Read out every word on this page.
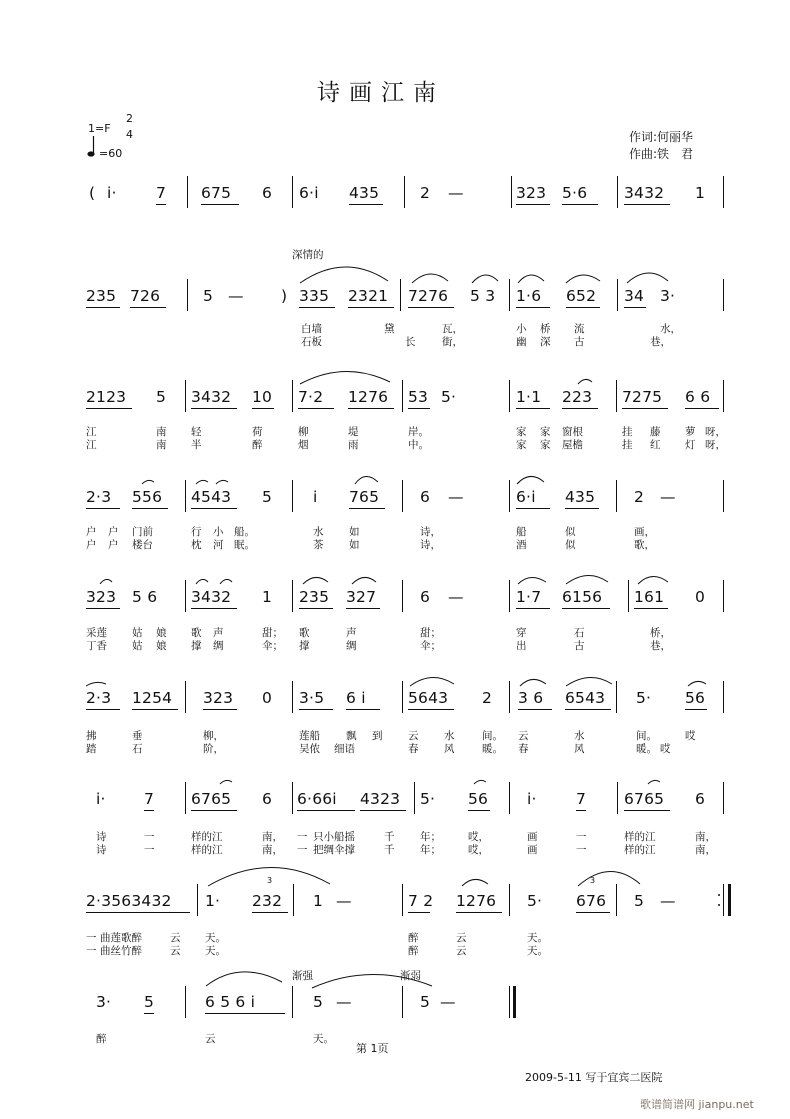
诗画江南
1=F
2
4
=60
作词:何丽华
作曲:铁　君
深情的
渐强	渐弱
( i·	7 675 6 6·i 435	2 —	323 5·6 3432 1
235 726	5 — ) 335 2321 7276 5 3 1·6 652 34 3·
白墙	黛	瓦，	小 桥 流	水，
石板	长	街，	幽 深 古	巷，
2123 5 3432 10 7·2 1276 53 5·	1·1 223 7275 6 6
江	南 轻	荷	柳	堤	岸。	家 家 窗根	挂 藤 萝 呀，
江	南 半	醉	烟	雨	中。	家 家 屋檐	挂 红 灯 呀，
2·3 556 4543 5	i 765	6 —	6·i 435	2 —
户 户 门前	行 小 船。	水 如	诗，	船	似	画，
户 户 楼台	枕 河 眠。	茶 如	诗，	酒	似	歌，
323 5 6 3432 1 235 327	6 —	1·7 6156 161 0
采莲 姑 娘 歌 声	甜； 歌	声	甜；	穿	石	桥，
丁香 姑 娘 撑 绸	伞； 撑	绸	伞；	出	古	巷，
2·3 1254 323 0 3·5 6 i	5643 2 3 6 6543 5· 56
拂	垂	柳，	莲船 飘 到 云 水	间。 云	水	间。	哎
踏	石	阶，	吴侬 细语	春 风	暖。 春	风	暖。 哎
i· 7 6765 6 6·66i 4323 5· 56	i·	7 6765 6
诗	一	样的江	南， 一 只小船摇	千 年；	哎，	画	一	样的江	南，
诗	一	样的江	南， 一 把绸伞撑	千 年；	哎，	画	一	样的江	南，
2·3563432 1· 232 1 —	7 2 1276 5· 676 5 —
一 曲莲歌醉	云 天。	醉	云	天。
一 曲丝竹醉	云 天。	醉	云	天。
3· 5	6 5 6 i	5 —	5 —
醉	云	天。
3	3
第 1页
2009-5-11 写于宜宾二医院
歌谱简谱网 jianpu.net
